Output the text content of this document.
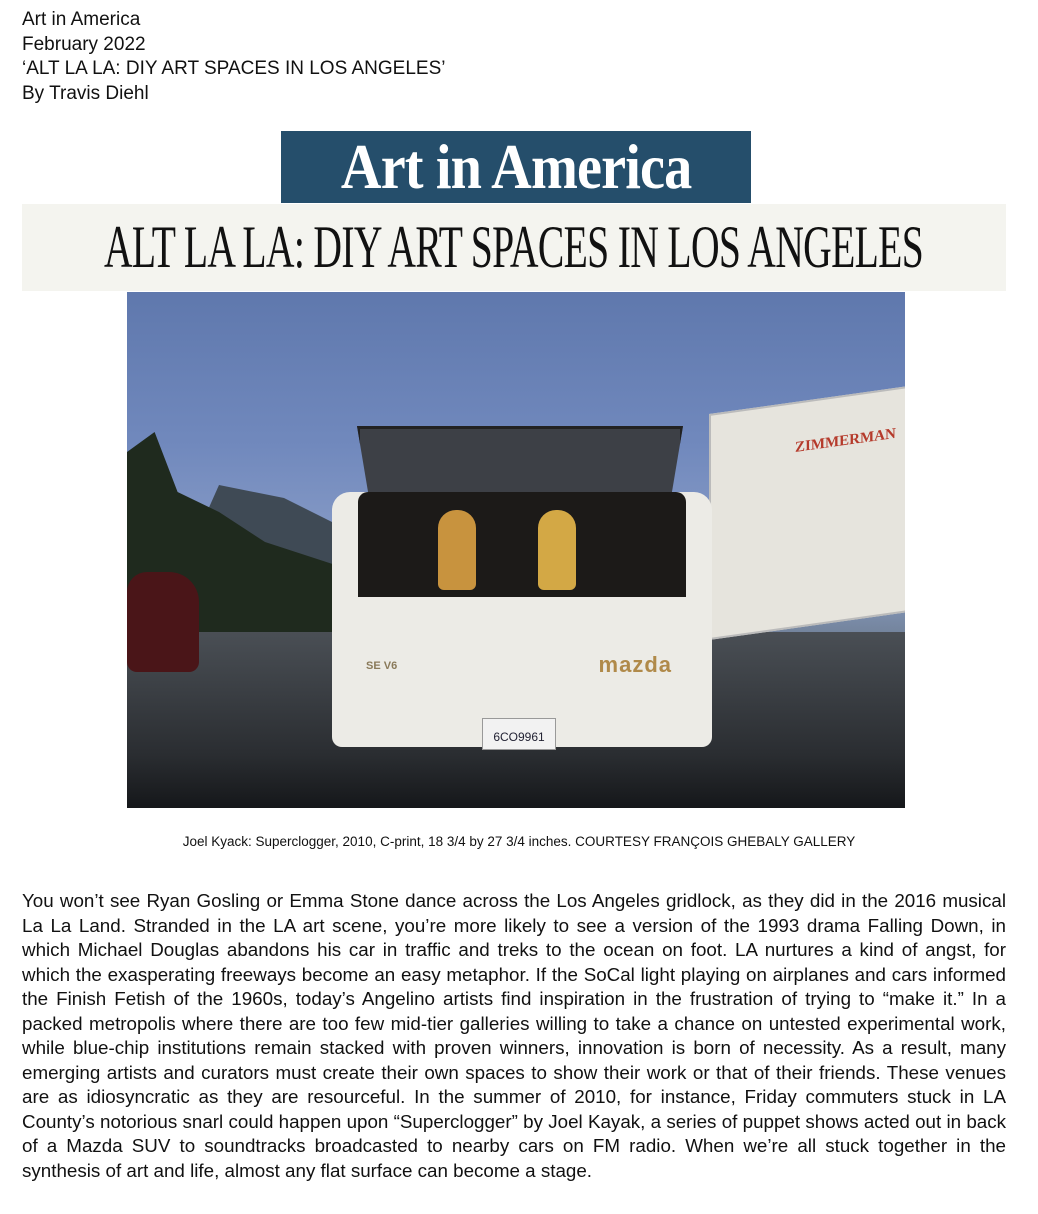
Art in America
February 2022
‘ALT LA LA: DIY ART SPACES IN LOS ANGELES’
By Travis Diehl
Art in America
ALT LA LA: DIY ART SPACES IN LOS ANGELES
ZIMMERMAN
SE V6	mazda
6CO9961
Joel Kyack: Superclogger, 2010, C-print, 18 3/4 by 27 3/4 inches. COURTESY FRANÇOIS GHEBALY GALLERY
You won’t see Ryan Gosling or Emma Stone dance across the Los Angeles gridlock, as they did in the 2016 musical La La Land. Stranded in the LA art scene, you’re more likely to see a version of the 1993 drama Falling Down, in which Michael Douglas abandons his car in traffic and treks to the ocean on foot. LA nurtures a kind of angst, for which the exasperating freeways become an easy metaphor. If the SoCal light playing on airplanes and cars informed the Finish Fetish of the 1960s, today’s Angelino artists find inspiration in the frustration of trying to “make it.” In a packed metropolis where there are too few mid-tier galleries willing to take a chance on untested experimental work, while blue-chip institutions remain stacked with proven winners, innovation is born of necessity. As a result, many emerging artists and curators must create their own spaces to show their work or that of their friends. These venues are as idiosyncratic as they are resourceful. In the summer of 2010, for instance, Friday commuters stuck in LA County’s notorious snarl could happen upon “Superclogger” by Joel Kayak, a series of puppet shows acted out in back of a Mazda SUV to soundtracks broadcasted to nearby cars on FM radio. When we’re all stuck together in the synthesis of art and life, almost any flat surface can become a stage.
